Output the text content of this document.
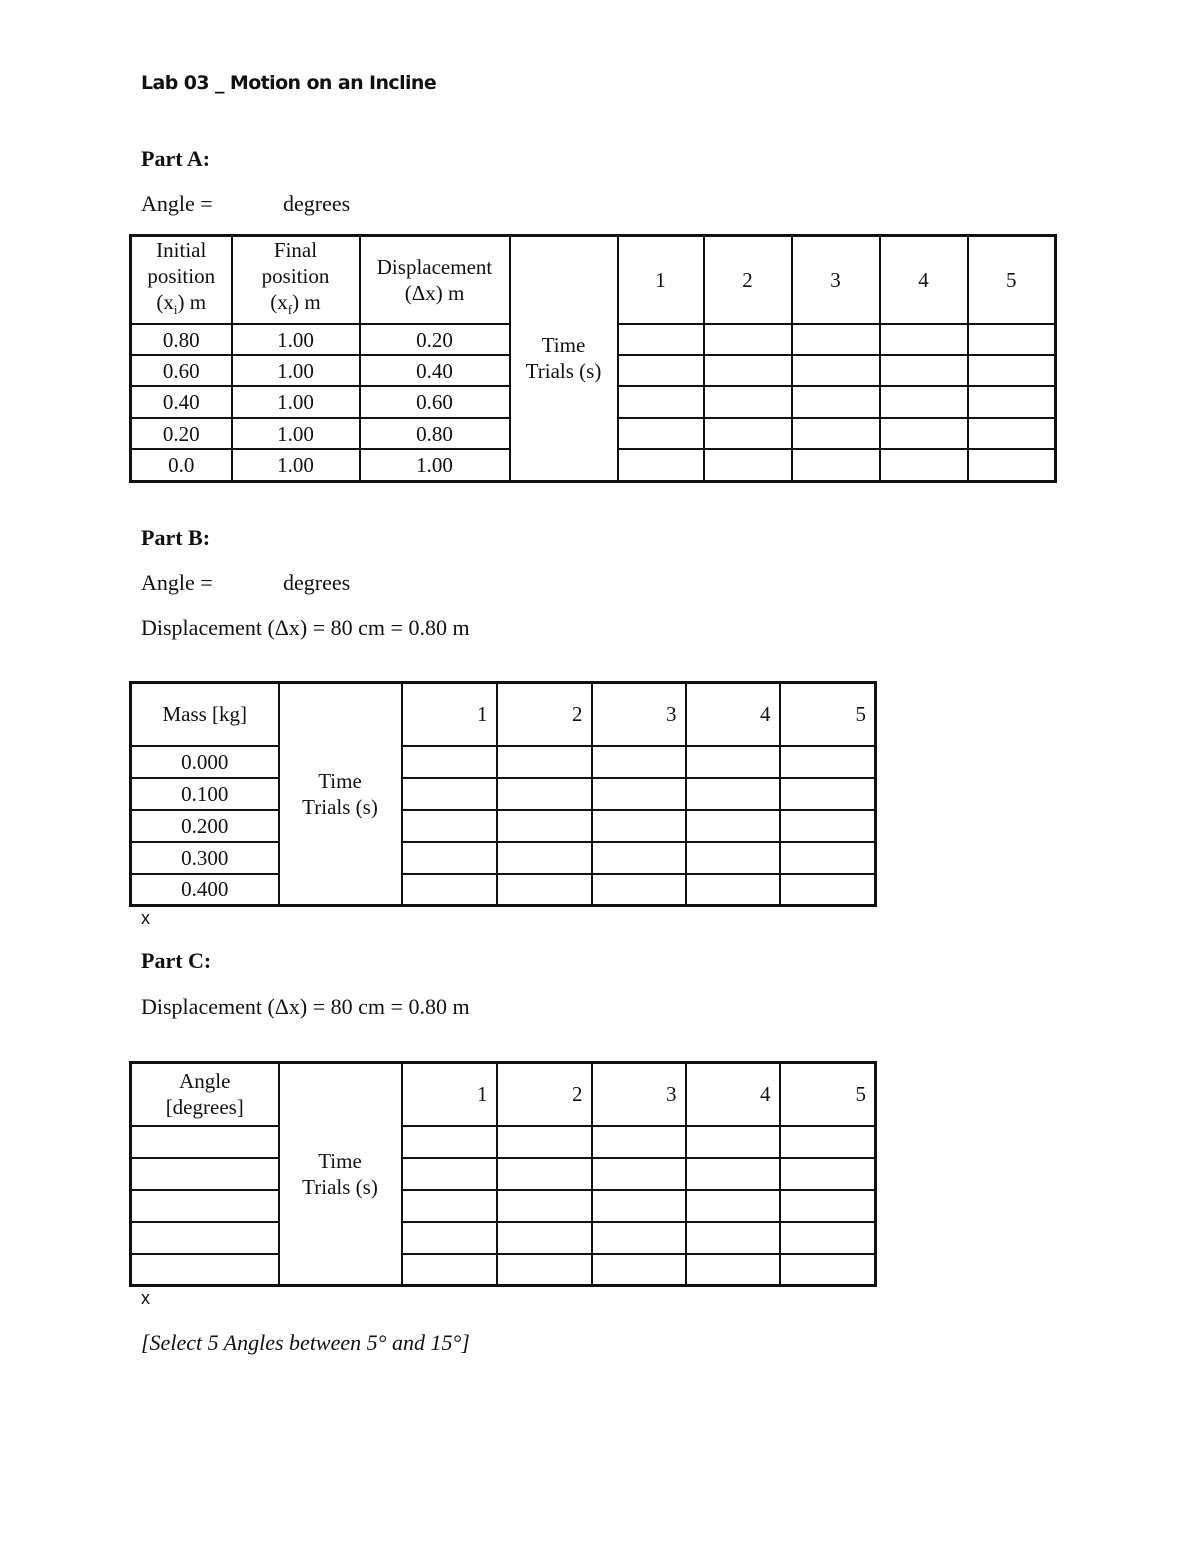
Lab 03 _ Motion on an Incline
Part A:
Angle =	degrees
Initial
position
$(x_i)$ m	Final
position
$(x_f)$ m	Displacement
(Δx) m	Time
Trials (s)	1	2	3	4	5
0.80	1.00	0.20						
0.60	1.00	0.40						
0.40	1.00	0.60						
0.20	1.00	0.80						
0.0	1.00	1.00						
Part B:
Angle =	degrees
Displacement (Δx) = 80 cm = 0.80 m
Mass [kg]	Time
Trials (s)	1	2	3	4	5
0.000						
0.100						
0.200						
0.300						
0.400						
x
Part C:
Displacement (Δx) = 80 cm = 0.80 m
Angle
[degrees]	Time
Trials (s)	1	2	3	4	5

x
[Select 5 Angles between 5° and 15°]
